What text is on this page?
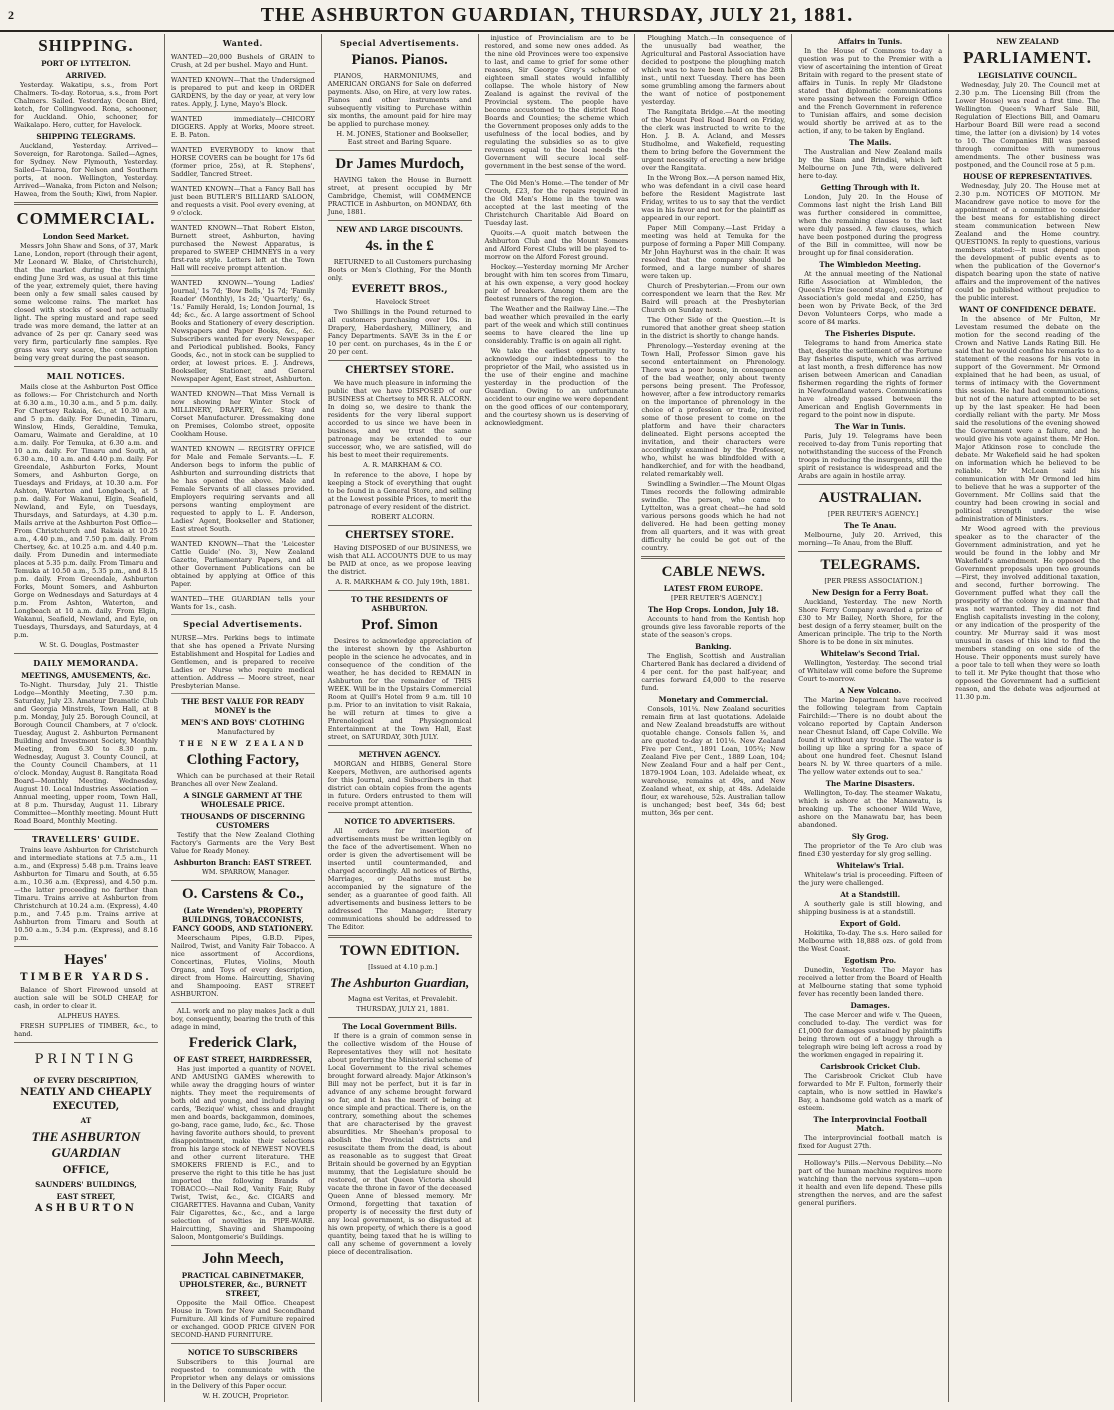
2	THE ASHBURTON GUARDIAN, THURSDAY, JULY 21, 1881.
SHIPPING.
PORT OF LYTTELTON.
ARRIVED.

Yesterday. Wakatipu, s.s., from Port Chalmers. To-day. Rotorua, s.s., from Port Chalmers. Sailed. Yesterday. Ocean Bird, ketch, for Collingwood. Rona, schooner, for Auckland. Ohio, schooner, for Waikalapo. Hero, cutter, for Havelock.

SHIPPING TELEGRAMS.

Auckland, Yesterday. Arrived—Sovereign, for Rarotonga. Sailed—Agnes, for Sydney. New Plymouth, Yesterday. Sailed—Taiaroa, for Nelson and Southern ports, at noon. Wellington, Yesterday. Arrived—Wanaka, from Picton and Nelson; Hawea, from the South; Kiwi, from Napier.

COMMERCIAL.
London Seed Market.

Messrs John Shaw and Sons, of 37, Mark Lane, London, report (through their agent, Mr Leonard W. Blake, of Christchurch), that the market during the fortnight ending June 3rd was, as usual at this time of the year, extremely quiet, there having been only a few small sales caused by some welcome rains. The market has closed with stocks of seed not actually light. The spring mustard and rape seed trade was more demand, the latter at an advance of 2s per qr. Canary seed was very firm, particularly fine samples. Rye grass was very scarce, the consumption being very great during the past season.

MAIL NOTICES.

Mails close at the Ashburton Post Office as follows:— For Christchurch and North at 6.30 a.m., 10.30 a.m., and 5 p.m. daily. For Chertsey Rakaia, &c., at 10.30 a.m. and 5 p.m. daily. For Dunedin, Timaru, Winslow, Hinds, Geraldine, Temuka, Oamaru, Waimate and Geraldine, at 10 a.m. daily. For Temuka, at 6.30 a.m. and 10 a.m. daily. For Timaru and South, at 6.30 a.m., 10 a.m. and 4.40 p.m. daily. For Greendale, Ashburton Forks, Mount Somers, and Ashburton Gorge, on Tuesdays and Fridays, at 10.30 a.m. For Ashton, Waterton and Longbeach, at 5 p.m. daily. For Wakanui, Elgin, Seafield, Newland, and Eyle, on Tuesdays, Thursdays, and Saturdays, at 4.30 p.m. Mails arrive at the Ashburton Post Office— From Christchurch and Rakaia at 10.25 a.m., 4.40 p.m., and 7.50 p.m. daily. From Chertsey, &c. at 10.25 a.m. and 4.40 p.m. daily. From Dunedin and intermediate places at 5.35 p.m. daily. From Timaru and Temuka at 10.50 a.m., 5.35 p.m., and 8.15 p.m. daily. From Greendale, Ashburton Forks, Mount Somers, and Ashburton Gorge on Wednesdays and Saturdays at 4 p.m. From Ashton, Waterton, and Longbeach at 10 a.m. daily. From Elgin, Wakanui, Seafield, Newland, and Eyle, on Tuesdays, Thursdays, and Saturdays, at 4 p.m.

W. St. G. Douglas, Postmaster

DAILY MEMORANDA.
MEETINGS, AMUSEMENTS, &c.

To-Night. Thursday, July 21. Thistle Lodge—Monthly Meeting, 7.30 p.m. Saturday, July 23. Amateur Dramatic Club and Georgia Minstrels, Town Hall, at 8 p.m. Monday, July 25. Borough Council, at Borough Council Chambers, at 7 o'clock. Tuesday, August 2. Ashburton Permanent Building and Investment Society, Monthly Meeting, from 6.30 to 8.30 p.m. Wednesday, August 3. County Council, at the County Council Chambers, at 11 o'clock. Monday, August 8. Rangitata Road Board—Monthly Meeting. Wednesday, August 10. Local Industries Association — Annual meeting, upper room, Town Hall, at 8 p.m. Thursday, August 11. Library Committee—Monthly meeting. Mount Hutt Road Board, Monthly Meeting.

TRAVELLERS' GUIDE.

Trains leave Ashburton for Christchurch and intermediate stations at 7.5 a.m., 11 a.m., and (Express) 5.48 p.m. Trains leave Ashburton for Timaru and South, at 6.55 a.m., 10.36 a.m. (Express), and 4.50 p.m.—the latter proceeding no farther than Timaru. Trains arrive at Ashburton from Christchurch at 10.24 a.m. (Express), 4.40 p.m., and 7.45 p.m. Trains arrive at Ashburton from Timaru and South at 10.50 a.m., 5.34 p.m. (Express), and 8.16 p.m.

Hayes'
TIMBER YARDS.

Balance of Short Firewood unsold at auction sale will be SOLD CHEAP, for cash, in order to clear it.

ALPHEUS HAYES.

FRESH SUPPLIES of TIMBER, &c., to hand.

PRINTING
OF EVERY DESCRIPTION,
NEATLY AND CHEAPLY
EXECUTED,
AT
THE ASHBURTON GUARDIAN
OFFICE,
SAUNDERS' BUILDINGS,
EAST STREET,
ASHBURTON
Wanted.
WANTED—20,000 Bushels of GRAIN to Crush, at 2d per bushel. Mayo and Hunt.
WANTED KNOWN—That the Undersigned is prepared to put and keep in ORDER GARDENS, by the day or year, at very low rates. Apply, J. Lyne, Mayo's Block.
WANTED immediately—CHICORY DIGGERS. Apply at Works, Moore street. E. B. Paton.
WANTED EVERYBODY to know that HORSE COVERS can be bought for 17s 6d (former price, 25s), at R. Stephens', Saddler, Tancred Street.
WANTED KNOWN—That a Fancy Ball has just been BUTLER'S BILLIARD SALOON, and requests a visit. Pool every evening, at 9 o'clock.
WANTED KNOWN—That Robert Elston, Burnett street, Ashburton, having purchased the Newest Apparatus, is prepared to SWEEP CHIMNEYS in a very first-rate style. Letters left at the Town Hall will receive prompt attention.
WANTED KNOWN—'Young Ladies' Journal,' 1s 7d; 'Bow Bells,' 1s 7d; 'Family Reader' (Monthly), 1s 2d; 'Quarterly,' 6s., '1s.' Family Herald, 1s; London Journal, 1s 4d; &c., &c. A large assortment of School Books and Stationery of every description. Newspapers and Paper Books, &c., &c. Subscribers wanted for every Newspaper and Periodical published. Books, Fancy Goods, &c., not in stock can be supplied to order, at lowest prices. E. J. Andrews, Bookseller, Stationer, and General Newspaper Agent, East street, Ashburton.
WANTED KNOWN—That Miss Vernall is now showing her Winter Stock of MILLINERY, DRAPERY, &c. Stay and Corset Manufacturer. Dressmaking done on Premises, Colombo street, opposite Cookham House.
WANTED KNOWN — REGISTRY OFFICE for Male and Female Servants.—L. F. Anderson begs to inform the public of Ashburton and surrounding districts that he has opened the above. Male and Female Servants of all classes provided. Employers requiring servants and all persons wanting employment are requested to apply to L. F. Anderson, Ladies' Agent, Bookseller and Stationer, East street South.
WANTED KNOWN—That the 'Leicester Cattle Guide' (No. 3), New Zealand Gazette, Parliamentary Papers, and all other Government Publications can be obtained by applying at Office of this Paper.
WANTED—THE GUARDIAN tells your Wants for 1s., cash.
Special Advertisements.
NURSE—Mrs. Perkins begs to intimate that she has opened a Private Nursing Establishment and Hospital for Ladies and Gentlemen, and is prepared to receive Ladies or Nurse who require medical attention. Address — Moore street, near Presbyterian Manse.
THE BEST VALUE FOR READY MONEY is the
MEN'S AND BOYS' CLOTHING

Manufactured by

THE NEW ZEALAND
Clothing Factory,

Which can be purchased at their Retail Branches all over New Zealand.

A SINGLE GARMENT AT THE WHOLESALE PRICE.
THOUSANDS OF DISCERNING CUSTOMERS

Testify that the New Zealand Clothing Factory's Garments are the Very Best Value for Ready Money.

Ashburton Branch: EAST STREET.

WM. SPARROW, Manager.

O. Carstens & Co.,
(Late Wrenden's), PROPERTY BUILDINGS, TOBACCONISTS, FANCY GOODS, AND STATIONERY.

Meerschaum Pipes, G.B.D. Pipes, Nailrod, Twist, and Vanity Fair Tobacco. A nice assortment of Accordions, Concertinas, Flutes, Violins, Mouth Organs, and Toys of every description, direct from Home. Haircutting, Shaving and Shampooing. EAST STREET ASHBURTON.

ALL work and no play makes Jack a dull boy, consequently, bearing the truth of this adage in mind,

Frederick Clark,
OF EAST STREET, HAIRDRESSER,

Has just imported a quantity of NOVEL AND AMUSING GAMES wherewith to while away the dragging hours of winter nights. They meet the requirements of both old and young, and include playing cards, 'Bezique' whist, chess and draught men and boards, backgammon, dominoes, go-bang, race game, ludo, &c., &c. Those having favorite authors should, to prevent disappointment, make their selections from his large stock of NEWEST NOVELS and other current literature. THE SMOKERS FRIEND is F.C., and to preserve the right to this title he has just imported the following Brands of TOBACCO:—Nail Rod, Vanity Fair, Ruby Twist, Twist, &c., &c. CIGARS and CIGARETTES. Havanna and Cuban, Vanity Fair Cigarettes, &c., &c., and a large selection of novelties in PIPE-WARE. Haircutting, Shaving and Shampooing Saloon, Montgomerie's Buildings.

John Meech,
PRACTICAL CABINETMAKER, UPHOLSTERER, &c., BURNETT STREET,

Opposite the Mail Office. Cheapest House in Town for New and Secondhand Furniture. All kinds of Furniture repaired or exchanged. GOOD PRICE GIVEN FOR SECOND-HAND FURNITURE.

NOTICE TO SUBSCRIBERS

Subscribers to this Journal are requested to communicate with the Proprietor when any delays or omissions in the Delivery of this Paper occur.

W. H. ZOUCH, Proprietor.

Special Advertisements.
Pianos. Pianos.

PIANOS, HARMONIUMS, and AMERICAN ORGANS for Sale on deferred payments. Also, on Hire, at very low rates. Pianos and other instruments and subsequently visiting to Purchase within six months, the amount paid for hire may be applied to purchase money.

H. M. JONES, Stationer and Bookseller, East street and Baring Square.

Dr James Murdoch,

HAVING taken the House in Burnett street, at present occupied by Mr Cambridge, Chemist, will COMMENCE PRACTICE in Ashburton, on MONDAY, 6th June, 1881.

NEW AND LARGE DISCOUNTS.
4s. in the £

RETURNED to all Customers purchasing Boots or Men's Clothing, For the Month only.

EVERETT BROS.,

Havelock Street

Two Shillings in the Pound returned to all customers purchasing over 10s. in Drapery, Haberdashery, Millinery, and Fancy Departments. SAVE 3s in the £ or 10 per cent. on purchases, 4s in the £ or 20 per cent.

CHERTSEY STORE.

We have much pleasure in informing the public that we have DISPOSED of our BUSINESS at Chertsey to MR R. ALCORN. In doing so, we desire to thank the residents for the very liberal support accorded to us since we have been in business, and we trust the same patronage may be extended to our successor, who, we are satisfied, will do his best to meet their requirements.

A. R. MARKHAM & CO.

In reference to the above, I hope by keeping a Stock of everything that ought to be found in a General Store, and selling at the Lowest possible Prices, to merit the patronage of every resident of the district.

ROBERT ALCORN.

CHERTSEY STORE.

Having DISPOSED of our BUSINESS, we wish that ALL ACCOUNTS DUE to us may be PAID at once, as we propose leaving the district.

A. R. MARKHAM & CO. July 19th, 1881.

TO THE RESIDENTS OF ASHBURTON.
Prof. Simon

Desires to acknowledge appreciation of the interest shown by the Ashburton people in the science he advocates, and in consequence of the condition of the weather, he has decided to REMAIN in Ashburton for the remainder of THIS WEEK. Will be in the Upstairs Commercial Room at Quill's Hotel from 9 a.m. till 10 p.m. Prior to an invitation to visit Rakaia, he will return at times to give a Phrenological and Physiognomical Entertainment at the Town Hall, East street, on SATURDAY, 30th JULY.

METHVEN AGENCY.

MORGAN and HIBBS, General Store Keepers, Methven, are authorised agents for this Journal, and Subscribers in that district can obtain copies from the agents in future. Orders entrusted to them will receive prompt attention.

NOTICE TO ADVERTISERS.

All orders for insertion of advertisements must be written legibly on the face of the advertisement. When no order is given the advertisement will be inserted until countermanded, and charged accordingly. All notices of Births, Marriages, or Deaths must be accompanied by the signature of the sender, as a guarantee of good faith. All advertisements and business letters to be addressed The Manager; literary communications should be addressed to The Editor.

TOWN EDITION.

[Issued at 4.10 p.m.]

The Ashburton Guardian,

Magna est Veritas, et Prevalebit.

THURSDAY, JULY 21, 1881.

The Local Government Bills.

If there is a grain of common sense in the collective wisdom of the House of Representatives they will not hesitate about preferring the Ministerial scheme of Local Government to the rival schemes brought forward already. Major Atkinson's Bill may not be perfect, but it is far in advance of any scheme brought forward so far, and it has the merit of being at once simple and practical. There is, on the contrary, something about the schemes that are characterised by the gravest absurdities. Mr Sheehan's proposal to abolish the Provincial districts and resuscitate them from the dead, is about as reasonable as to suggest that Great Britain should be governed by an Egyptian mummy, that the Legislature should be restored, or that Queen Victoria should vacate the throne in favor of the deceased Queen Anne of blessed memory. Mr Ormond, forgetting that taxation of property is of necessity the first duty of any local government, is so disgusted at his own property, of which there is a good quantity, being taxed that he is willing to call any scheme of government a lovely piece of decentralisation.

injustice of Provincialism are to be restored, and some new ones added. As the nine old Provinces were too expensive to last, and came to grief for some other reasons, Sir George Grey's scheme of eighteen small states would infallibly collapse. The whole history of New Zealand is against the revival of the Provincial system. The people have become accustomed to the district Road Boards and Counties; the scheme which the Government proposes only adds to the usefulness of the local bodies, and by regulating the subsidies so as to give revenues equal to the local needs the Government will secure local self-government in the best sense of the word.

The Old Men's Home.—The tender of Mr Crouch, £23, for the repairs required in the Old Men's Home in the town was accepted at the last meeting of the Christchurch Charitable Aid Board on Tuesday last.

Quoits.—A quoit match between the Ashburton Club and the Mount Somers and Alford Forest Clubs will be played to-morrow on the Alford Forest ground.

Hockey.—Yesterday morning Mr Archer brought with him ten scores from Timaru, at his own expense, a very good hockey pair of breakers. Among them are the fleetest runners of the region.

The Weather and the Railway Line.—The bad weather which prevailed in the early part of the week and which still continues seems to have cleared the line up considerably. Traffic is on again all right.

We take the earliest opportunity to acknowledge our indebtedness to the proprietor of the Mail, who assisted us in the use of their engine and machine yesterday in the production of the Guardian. Owing to an unfortunate accident to our engine we were dependent on the good offices of our contemporary, and the courtesy shown us is deserving of acknowledgment.

Ploughing Match.—In consequence of the unusually bad weather, the Agricultural and Pastoral Association have decided to postpone the ploughing match which was to have been held on the 28th inst., until next Tuesday. There has been some grumbling among the farmers about the want of notice of postponement yesterday.

The Rangitata Bridge.—At the meeting of the Mount Peel Road Board on Friday, the clerk was instructed to write to the Hon. J. B. A. Acland, and Messrs Studholme, and Wakefield, requesting them to bring before the Government the urgent necessity of erecting a new bridge over the Rangitata.

In the Wrong Box.—A person named Hix, who was defendant in a civil case heard before the Resident Magistrate last Friday, writes to us to say that the verdict was in his favor and not for the plaintiff as appeared in our report.

Paper Mill Company.—Last Friday a meeting was held at Temuka for the purpose of forming a Paper Mill Company. Mr John Hayhurst was in the chair. It was resolved that the company should be formed, and a large number of shares were taken up.

Church of Presbyterian.—From our own correspondent we learn that the Rev. Mr Baird will preach at the Presbyterian Church on Sunday next.

The Other Side of the Question.—It is rumored that another great sheep station in the district is shortly to change hands.

Phrenology.—Yesterday evening at the Town Hall, Professor Simon gave his second entertainment on Phrenology. There was a poor house, in consequence of the bad weather, only about twenty persons being present. The Professor, however, after a few introductory remarks on the importance of phrenology in the choice of a profession or trade, invited some of those present to come on the platform and have their characters delineated. Eight persons accepted the invitation, and their characters were accordingly examined by the Professor, who, whilst he was blindfolded with a handkerchief, and for with the headband, related remarkably well.

Swindling a Swindler.—The Mount Olgas Times records the following admirable swindle. The person, who came to Lyttelton, was a great cheat—he had sold various persons goods which he had not delivered. He had been getting money from all quarters, and it was with great difficulty he could be got out of the country.

CABLE NEWS.
LATEST FROM EUROPE.

[PER REUTER'S AGENCY.]

The Hop Crops. London, July 18.

Accounts to hand from the Kentish hop grounds give less favorable reports of the state of the season's crops.

Banking.

The English, Scottish and Australian Chartered Bank has declared a dividend of 4 per cent. for the past half-year, and carries forward £4,000 to the reserve fund.

Monetary and Commercial.

Consols, 101¼. New Zealand securities remain firm at last quotations. Adelaide and New Zealand breadstuffs are without quotable change. Consols fallen ⅛, and are quoted to-day at 101⅛. New Zealand Five per Cent., 1891 Loan, 105¾; New Zealand Five per Cent., 1889 Loan, 104; New Zealand Four and a half per Cent., 1879-1904 Loan, 103. Adelaide wheat, ex warehouse, remains at 49s, and New Zealand wheat, ex ship, at 48s. Adelaide flour, ex warehouse, 52s. Australian tallow is unchanged; best beef, 34s 6d; best mutton, 36s per cent.

Affairs in Tunis.

In the House of Commons to-day a question was put to the Premier with a view of ascertaining the intention of Great Britain with regard to the present state of affairs in Tunis. In reply Mr Gladstone stated that diplomatic communications were passing between the Foreign Office and the French Government in reference to Tunisian affairs, and some decision would shortly be arrived at as to the action, if any, to be taken by England.

The Mails.

The Australian and New Zealand mails by the Siam and Brindisi, which left Melbourne on June 7th, were delivered here to-day.

Getting Through with It.

London, July 20. In the House of Commons last night the Irish Land Bill was further considered in committee, when the remaining clauses to the last were duly passed. A few clauses, which have been postponed during the progress of the Bill in committee, will now be brought up for final consideration.

The Wimbledon Meeting.

At the annual meeting of the National Rifle Association at Wimbledon, the Queen's Prize (second stage), consisting of Association's gold medal and £250, has been won by Private Beck, of the 3rd Devon Volunteers Corps, who made a score of 84 marks.

The Fisheries Dispute.

Telegrams to hand from America state that, despite the settlement of the Fortune Bay fisheries dispute, which was arrived at last month, a fresh difference has now arisen between American and Canadian fishermen regarding the rights of former in Newfoundland waters. Communications have already passed between the American and English Governments in regard to the point now in dispute.

The War in Tunis.

Paris, July 19. Telegrams have been received to-day from Tunis reporting that notwithstanding the success of the French troops in reducing the insurgents, still the spirit of resistance is widespread and the Arabs are again in hostile array.

AUSTRALIAN.

[PER REUTER'S AGENCY.]

The Te Anau.

Melbourne, July 20. Arrived, this morning—Te Anau, from the Bluff.

TELEGRAMS.

[PER PRESS ASSOCIATION.]

New Design for a Ferry Boat.

Auckland, Yesterday. The new North Shore Ferry Company awarded a prize of £30 to Mr Bailey, North Shore, for the best design of a ferry steamer, built on the American principle. The trip to the North Shore is to be done in six minutes.

Whitelaw's Second Trial.

Wellington, Yesterday. The second trial of Whitelaw will come before the Supreme Court to-morrow.

A New Volcano.

The Marine Department have received the following telegram from Captain Fairchild:—'There is no doubt about the volcano reported by Captain Anderson near Chesnut Island, off Cape Colville. We found it without any trouble. The water is boiling up like a spring for a space of about one hundred feet. Chesnut Island bears N. by W. three quarters of a mile. The yellow water extends out to sea.'

The Marine Disasters.

Wellington, To-day. The steamer Wakatu, which is ashore at the Manawatu, is breaking up. The schooner Wild Wave, ashore on the Manawatu bar, has been abandoned.

Sly Grog.

The proprietor of the Te Aro club was fined £30 yesterday for sly grog selling.

Whitelaw's Trial.

Whitelaw's trial is proceeding. Fifteen of the jury were challenged.

At a Standstill.

A southerly gale is still blowing, and shipping business is at a standstill.

Export of Gold.

Hokitika, To-day. The s.s. Hero sailed for Melbourne with 18,888 ozs. of gold from the West Coast.

Egotism Pro.

Dunedin, Yesterday. The Mayor has received a letter from the Board of Health at Melbourne stating that some typhoid fever has recently been landed there.

Damages.

The case Mercer and wife v. The Queen, concluded to-day. The verdict was for £1,000 for damages sustained by plaintiffs being thrown out of a buggy through a telegraph wire being left across a road by the workmen engaged in repairing it.

Carisbrook Cricket Club.

The Carisbrook Cricket Club have forwarded to Mr F. Fulton, formerly their captain, who is now settled in Hawke's Bay, a handsome gold watch as a mark of esteem.

The Interprovincial Football Match.

The interprovincial football match is fixed for August 27th.

Holloway's Pills.—Nervous Debility.—No part of the human machine requires more watching than the nervous system—upon it health and even life depend. These pills strengthen the nerves, and are the safest general purifiers.

NEW ZEALAND
PARLIAMENT.
LEGISLATIVE COUNCIL.

Wednesday, July 20. The Council met at 2.30 p.m. The Licensing Bill (from the Lower House) was read a first time. The Wellington Queen's Wharf Sale Bill, Regulation of Elections Bill, and Oamaru Harbour Board Bill were read a second time, the latter (on a division) by 14 votes to 10. The Companies Bill was passed through committee with numerous amendments. The other business was postponed, and the Council rose at 5 p.m.

HOUSE OF REPRESENTATIVES.

Wednesday, July 20. The House met at 2.30 p.m. NOTICES OF MOTION. Mr Macandrew gave notice to move for the appointment of a committee to consider the best means for establishing direct steam communication between New Zealand and the Home country. QUESTIONS. In reply to questions, various members stated:—It must depend upon the development of public events as to when the publication of the Governor's dispatch bearing upon the state of native affairs and the improvement of the natives could be published without prejudice to the public interest.

WANT OF CONFIDENCE DEBATE.

In the absence of Mr Fulton, Mr Levestam resumed the debate on the motion for the second reading of the Crown and Native Lands Rating Bill. He said that he would confine his remarks to a statement of the reasons for his vote in support of the Government. Mr Ormond explained that he had been, as usual, of terms of intimacy with the Government this session. He had had communications, but not of the nature attempted to be set up by the last speaker. He had been cordially reliant with the party. Mr Moss said the resolutions of the evening showed the Government were a failure, and he would give his vote against them. Mr Hon. Major Atkinson rose to conclude the debate. Mr Wakefield said he had spoken on information which he believed to be reliable. Mr McLean said his communication with Mr Ormond led him to believe that he was a supporter of the Government. Mr Collins said that the country had been crowing in social and political strength under the wise administration of Ministers.

Mr Wood agreed with the previous speaker as to the character of the Government administration, and yet he would be found in the lobby and Mr Wakefield's amendment. He opposed the Government proposals upon two grounds—First, they involved additional taxation, and second, further borrowing. The Government puffed what they call the prosperity of the colony in a manner that was not warranted. They did not find English capitalists investing in the colony, or any indication of the prosperity of the country. Mr Murray said it was most unusual in cases of this kind to find the members standing on one side of the House. Their opponents must surely have a poor tale to tell when they were so loath to tell it. Mr Pyke thought that those who opposed the Government had a sufficient reason, and the debate was adjourned at 11.30 p.m.
